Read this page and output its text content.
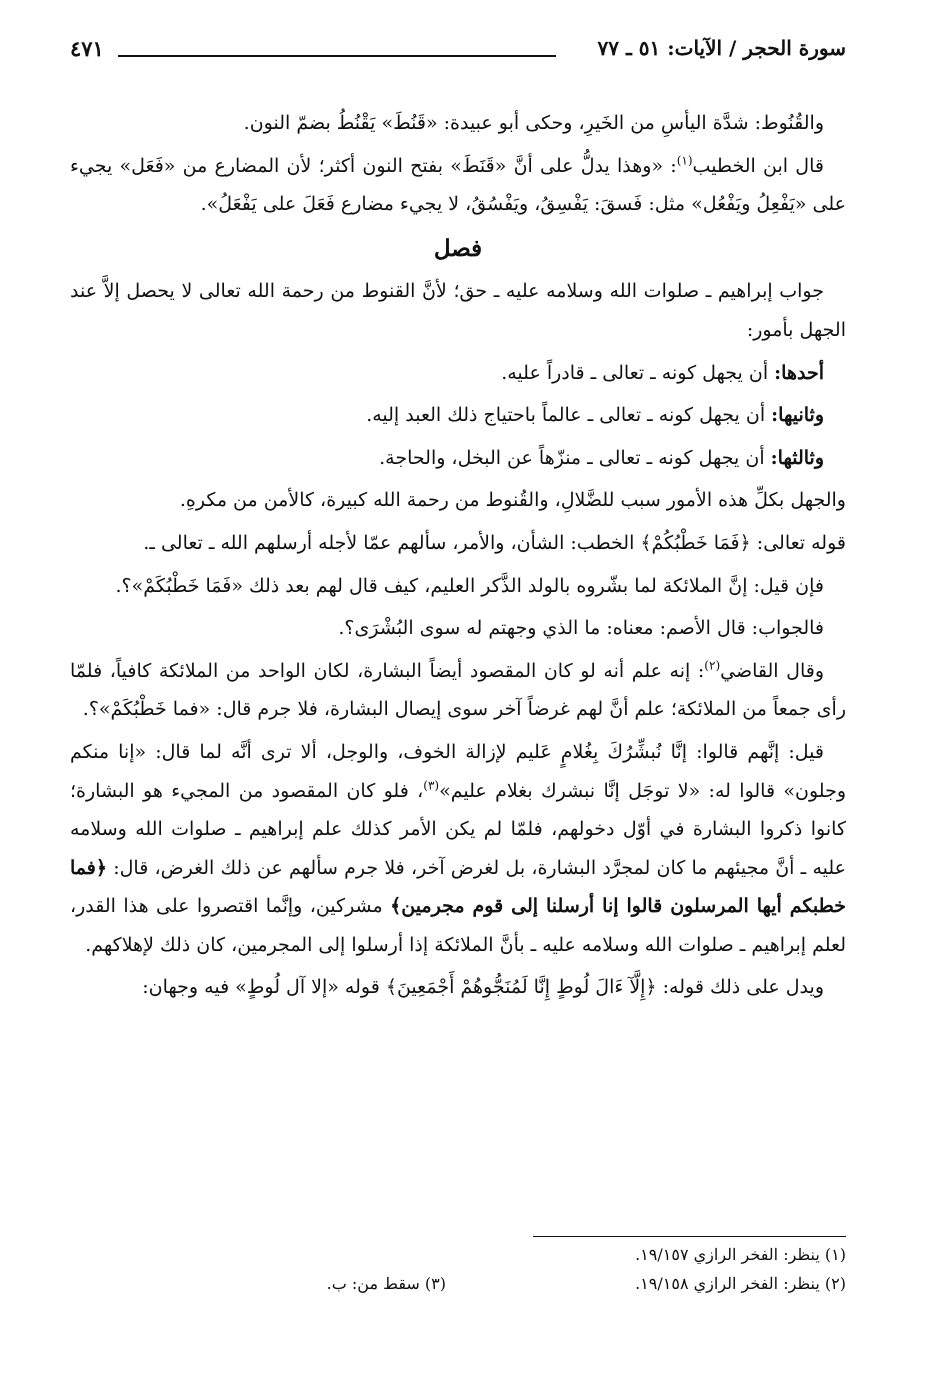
سورة الحجر / الآيات: ٥١ ـ ٧٧
٤٧١

والقُنُوط: شدَّة اليأسِ من الخَيرِ، وحكى أبو عبيدة: «قَنُطَ» يَقْنُطُ بضمّ النون.

قال ابن الخطيب$^{(١)}$: «وهذا يدلُّ على أنَّ «قَنَطَ» بفتح النون أكثر؛ لأن المضارع من «فَعَل» يجيء على «يَفْعِلُ ويَفْعُل» مثل: فَسقَ: يَفْسِقُ، ويَفْسُقُ، لا يجيء مضارع فَعَلَ على يَفْعَلُ».

فصل

جواب إبراهيم ـ صلوات الله وسلامه عليه ـ حق؛ لأنَّ القنوط من رحمة الله تعالى لا يحصل إلاَّ عند الجهل بأمور:

أحدها: أن يجهل كونه ـ تعالى ـ قادراً عليه.

وثانيها: أن يجهل كونه ـ تعالى ـ عالماً باحتياج ذلك العبد إليه.

وثالثها: أن يجهل كونه ـ تعالى ـ منزّهاً عن البخل، والحاجة.

والجهل بكلِّ هذه الأمور سبب للضَّلالِ، والقُنوط من رحمة الله كبيرة، كالأمن من مكرهِ.

قوله تعالى: ﴿فَمَا خَطْبُكُمْ﴾ الخطب: الشأن، والأمر، سألهم عمّا لأجله أرسلهم الله ـ تعالى ـ.

فإن قيل: إنَّ الملائكة لما بشّروه بالولد الذَّكر العليم، كيف قال لهم بعد ذلك «فَمَا خَطْبُكَمْ»؟.

فالجواب: قال الأصم: معناه: ما الذي وجهتم له سوى البُشْرَى؟.

وقال القاضي$^{(٢)}$: إنه علم أنه لو كان المقصود أيضاً البشارة، لكان الواحد من الملائكة كافياً، فلمّا رأى جمعاً من الملائكة؛ علم أنَّ لهم غرضاً آخر سوى إيصال البشارة، فلا جرم قال: «فما خَطْبُكَمْ»؟.

قيل: إنَّهم قالوا: إنَّا نُبشِّرُكَ بِغُلامٍ عَليم لإزالة الخوف، والوجل، ألا ترى أنَّه لما قال: «إنا منكم وجلون» قالوا له: «لا توجَل إنَّا نبشرك بغلام عليم»$^{(٣)}$، فلو كان المقصود من المجيء هو البشارة؛ كانوا ذكروا البشارة في أوّل دخولهم، فلمّا لم يكن الأمر كذلك علم إبراهيم ـ صلوات الله وسلامه عليه ـ أنَّ مجيئهم ما كان لمجرَّد البشارة، بل لغرض آخر، فلا جرم سألهم عن ذلك الغرض، قال: ﴿فما خطبكم أيها المرسلون قالوا إنا أرسلنا إلى قوم مجرمين﴾ مشركين، وإنَّما اقتصروا على هذا القدر، لعلم إبراهيم ـ صلوات الله وسلامه عليه ـ بأنَّ الملائكة إذا أرسلوا إلى المجرمين، كان ذلك لإهلاكهم.

ويدل على ذلك قوله: ﴿إِلَّآ ءَالَ لُوطٍ إِنَّا لَمُنَجُّوهُمْ أَجْمَعِينَ﴾ قوله «إلا آل لُوطٍ» فيه وجهان:

(١) ينظر: الفخر الرازي ١٩/١٥٧.
(٢) ينظر: الفخر الرازي ١٩/١٥٨.
(٣) سقط من: ب.
